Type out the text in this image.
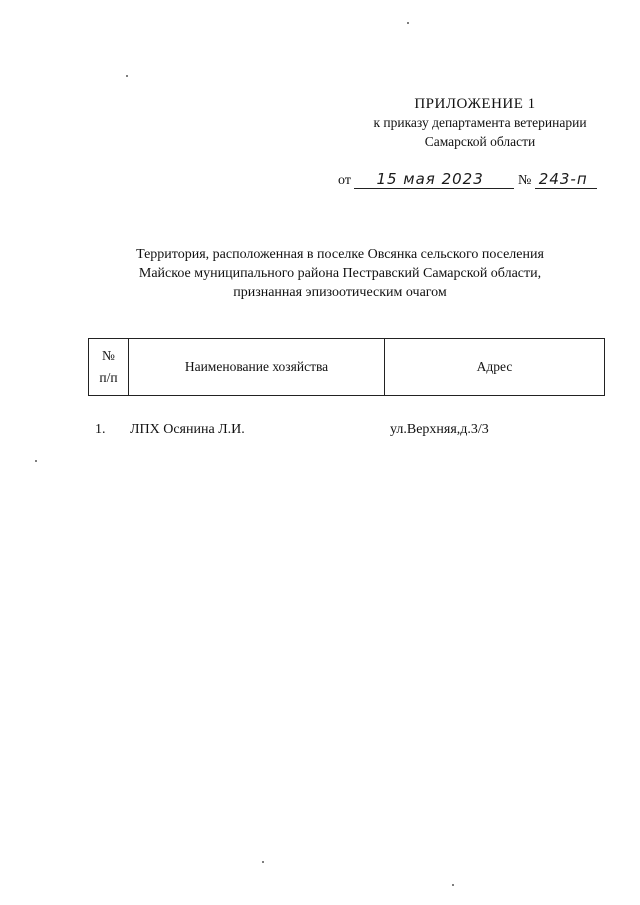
ПРИЛОЖЕНИЕ 1
к приказу департамента ветеринарии
Самарской области
от 15 мая 2023 № 243-п
Территория, расположенная в поселке Овсянка сельского поселения
Майское муниципального района Пестравский Самарской области,
признанная эпизоотическим очагом
№
п/п	Наименование хозяйства	Адрес
1. ЛПХ Осянина Л.И.	ул.Верхняя,д.3/3
